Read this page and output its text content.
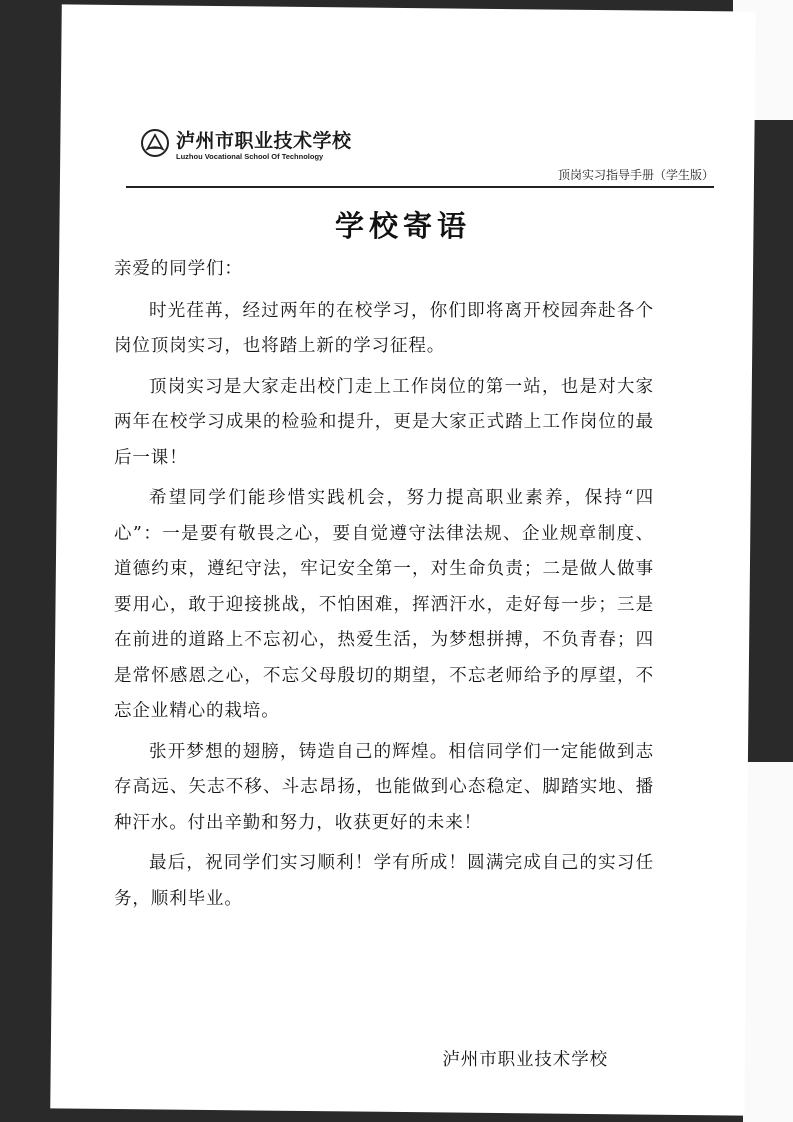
泸州市职业技术学校
Luzhou Vocational School Of Technology
顶岗实习指导手册（学生版）
学校寄语

亲爱的同学们：

时光荏苒，经过两年的在校学习，你们即将离开校园奔赴各个岗位顶岗实习，也将踏上新的学习征程。

顶岗实习是大家走出校门走上工作岗位的第一站，也是对大家两年在校学习成果的检验和提升，更是大家正式踏上工作岗位的最后一课！

希望同学们能珍惜实践机会，努力提高职业素养，保持“四心”：一是要有敬畏之心，要自觉遵守法律法规、企业规章制度、道德约束，遵纪守法，牢记安全第一，对生命负责；二是做人做事要用心，敢于迎接挑战，不怕困难，挥洒汗水，走好每一步；三是在前进的道路上不忘初心，热爱生活，为梦想拼搏，不负青春；四是常怀感恩之心，不忘父母殷切的期望，不忘老师给予的厚望，不忘企业精心的栽培。

张开梦想的翅膀，铸造自己的辉煌。相信同学们一定能做到志存高远、矢志不移、斗志昂扬，也能做到心态稳定、脚踏实地、播种汗水。付出辛勤和努力，收获更好的未来！

最后，祝同学们实习顺利！学有所成！圆满完成自己的实习任务，顺利毕业。

泸州市职业技术学校
